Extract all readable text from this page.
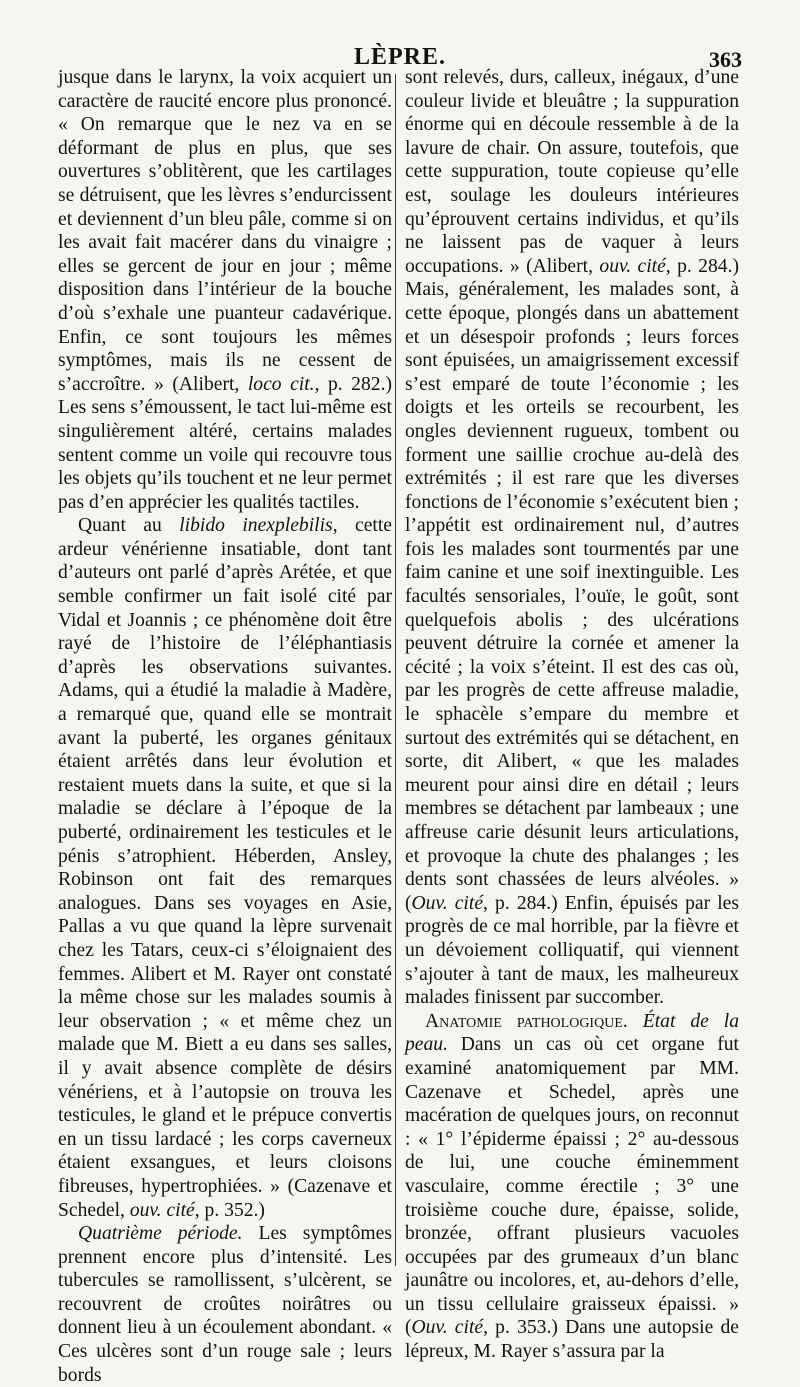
LÈPRE.	363

jusque dans le larynx, la voix acquiert un caractère de raucité encore plus prononcé. « On remarque que le nez va en se déformant de plus en plus, que ses ouvertures s’oblitèrent, que les cartilages se détruisent, que les lèvres s’endurcissent et deviennent d’un bleu pâle, comme si on les avait fait macérer dans du vinaigre ; elles se gercent de jour en jour ; même disposition dans l’intérieur de la bouche d’où s’exhale une puanteur cadavérique. Enfin, ce sont toujours les mêmes symptômes, mais ils ne cessent de s’accroître. » (Alibert, loco cit., p. 282.) Les sens s’émoussent, le tact lui-même est singulièrement altéré, certains malades sentent comme un voile qui recouvre tous les objets qu’ils touchent et ne leur permet pas d’en apprécier les qualités tactiles.

Quant au libido inexplebilis, cette ardeur vénérienne insatiable, dont tant d’auteurs ont parlé d’après Arétée, et que semble confirmer un fait isolé cité par Vidal et Joannis ; ce phénomène doit être rayé de l’histoire de l’éléphantiasis d’après les observations suivantes. Adams, qui a étudié la maladie à Madère, a remarqué que, quand elle se montrait avant la puberté, les organes génitaux étaient arrêtés dans leur évolution et restaient muets dans la suite, et que si la maladie se déclare à l’époque de la puberté, ordinairement les testicules et le pénis s’atrophient. Héberden, Ansley, Robinson ont fait des remarques analogues. Dans ses voyages en Asie, Pallas a vu que quand la lèpre survenait chez les Tatars, ceux-ci s’éloignaient des femmes. Alibert et M. Rayer ont constaté la même chose sur les malades soumis à leur observation ; « et même chez un malade que M. Biett a eu dans ses salles, il y avait absence complète de désirs vénériens, et à l’autopsie on trouva les testicules, le gland et le prépuce convertis en un tissu lardacé ; les corps caverneux étaient exsangues, et leurs cloisons fibreuses, hypertrophiées. » (Cazenave et Schedel, ouv. cité, p. 352.)

Quatrième période. Les symptômes prennent encore plus d’intensité. Les tubercules se ramollissent, s’ulcèrent, se recouvrent de croûtes noirâtres ou donnent lieu à un écoulement abondant. « Ces ulcères sont d’un rouge sale ; leurs bords

sont relevés, durs, calleux, inégaux, d’une couleur livide et bleuâtre ; la suppuration énorme qui en découle ressemble à de la lavure de chair. On assure, toutefois, que cette suppuration, toute copieuse qu’elle est, soulage les douleurs intérieures qu’éprouvent certains individus, et qu’ils ne laissent pas de vaquer à leurs occupations. » (Alibert, ouv. cité, p. 284.) Mais, généralement, les malades sont, à cette époque, plongés dans un abattement et un désespoir profonds ; leurs forces sont épuisées, un amaigrissement excessif s’est emparé de toute l’économie ; les doigts et les orteils se recourbent, les ongles deviennent rugueux, tombent ou forment une saillie crochue au-delà des extrémités ; il est rare que les diverses fonctions de l’économie s’exécutent bien ; l’appétit est ordinairement nul, d’autres fois les malades sont tourmentés par une faim canine et une soif inextinguible. Les facultés sensoriales, l’ouïe, le goût, sont quelquefois abolis ; des ulcérations peuvent détruire la cornée et amener la cécité ; la voix s’éteint. Il est des cas où, par les progrès de cette affreuse maladie, le sphacèle s’empare du membre et surtout des extrémités qui se détachent, en sorte, dit Alibert, « que les malades meurent pour ainsi dire en détail ; leurs membres se détachent par lambeaux ; une affreuse carie désunit leurs articulations, et provoque la chute des phalanges ; les dents sont chassées de leurs alvéoles. » (Ouv. cité, p. 284.) Enfin, épuisés par les progrès de ce mal horrible, par la fièvre et un dévoiement colliquatif, qui viennent s’ajouter à tant de maux, les malheureux malades finissent par succomber.

Anatomie pathologique. État de la peau. Dans un cas où cet organe fut examiné anatomiquement par MM. Cazenave et Schedel, après une macération de quelques jours, on reconnut : « 1° l’épiderme épaissi ; 2° au-dessous de lui, une couche éminemment vasculaire, comme érectile ; 3° une troisième couche dure, épaisse, solide, bronzée, offrant plusieurs vacuoles occupées par des grumeaux d’un blanc jaunâtre ou incolores, et, au-dehors d’elle, un tissu cellulaire graisseux épaissi. » (Ouv. cité, p. 353.) Dans une autopsie de lépreux, M. Rayer s’assura par la
